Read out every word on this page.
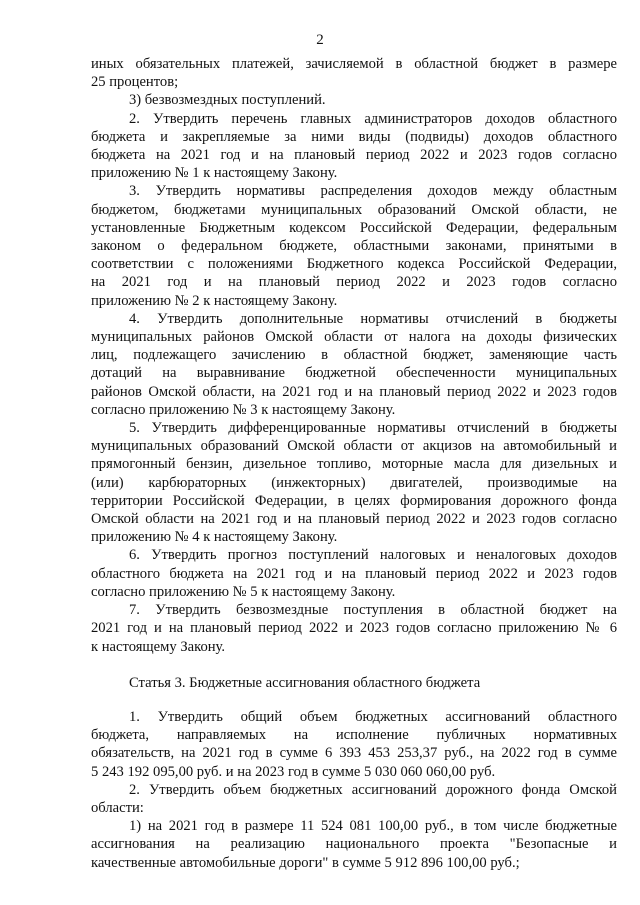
2
иных обязательных платежей, зачисляемой в областной бюджет в размере
25 процентов;
3) безвозмездных поступлений.
2. Утвердить перечень главных администраторов доходов областного
бюджета и закрепляемые за ними виды (подвиды) доходов областного
бюджета на 2021 год и на плановый период 2022 и 2023 годов согласно
приложению № 1 к настоящему Закону.
3. Утвердить нормативы распределения доходов между областным
бюджетом, бюджетами муниципальных образований Омской области, не
установленные Бюджетным кодексом Российской Федерации, федеральным
законом о федеральном бюджете, областными законами, принятыми в
соответствии с положениями Бюджетного кодекса Российской Федерации,
на 2021 год и на плановый период 2022 и 2023 годов согласно
приложению № 2 к настоящему Закону.
4. Утвердить дополнительные нормативы отчислений в бюджеты
муниципальных районов Омской области от налога на доходы физических
лиц, подлежащего зачислению в областной бюджет, заменяющие часть
дотаций на выравнивание бюджетной обеспеченности муниципальных
районов Омской области, на 2021 год и на плановый период 2022 и 2023 годов
согласно приложению № 3 к настоящему Закону.
5. Утвердить дифференцированные нормативы отчислений в бюджеты
муниципальных образований Омской области от акцизов на автомобильный и
прямогонный бензин, дизельное топливо, моторные масла для дизельных и
(или) карбюраторных (инжекторных) двигателей, производимые на
территории Российской Федерации, в целях формирования дорожного фонда
Омской области на 2021 год и на плановый период 2022 и 2023 годов согласно
приложению № 4 к настоящему Закону.
6. Утвердить прогноз поступлений налоговых и неналоговых доходов
областного бюджета на 2021 год и на плановый период 2022 и 2023 годов
согласно приложению № 5 к настоящему Закону.
7. Утвердить безвозмездные поступления в областной бюджет на
2021 год и на плановый период 2022 и 2023 годов согласно приложению № 6
к настоящему Закону.
Статья 3. Бюджетные ассигнования областного бюджета
1. Утвердить общий объем бюджетных ассигнований областного
бюджета, направляемых на исполнение публичных нормативных
обязательств, на 2021 год в сумме 6 393 453 253,37 руб., на 2022 год в сумме
5 243 192 095,00 руб. и на 2023 год в сумме 5 030 060 060,00 руб.
2. Утвердить объем бюджетных ассигнований дорожного фонда Омской
области:
1) на 2021 год в размере 11 524 081 100,00 руб., в том числе бюджетные
ассигнования на реализацию национального проекта "Безопасные и
качественные автомобильные дороги" в сумме 5 912 896 100,00 руб.;
